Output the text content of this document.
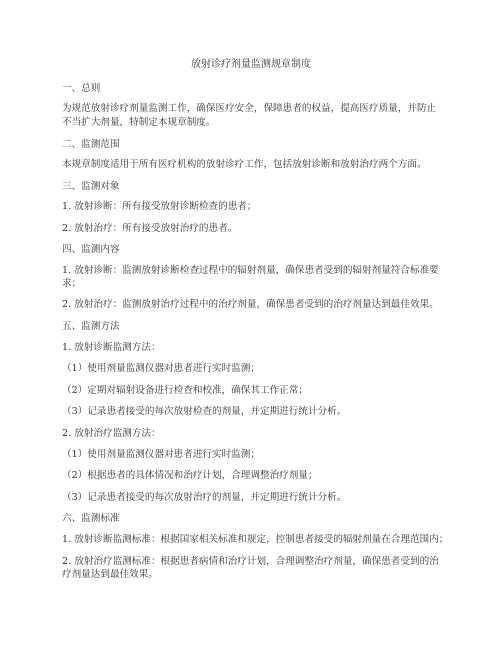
放射诊疗剂量监测规章制度
一、总则
为规范放射诊疗剂量监测工作，确保医疗安全，保障患者的权益，提高医疗质量，并防止
不当扩大剂量，特制定本规章制度。
二、监测范围
本规章制度适用于所有医疗机构的放射诊疗工作，包括放射诊断和放射治疗两个方面。
三、监测对象
1. 放射诊断：所有接受放射诊断检查的患者；
2. 放射治疗：所有接受放射治疗的患者。
四、监测内容
1. 放射诊断：监测放射诊断检查过程中的辐射剂量，确保患者受到的辐射剂量符合标准要
求；
2. 放射治疗：监测放射治疗过程中的治疗剂量，确保患者受到的治疗剂量达到最佳效果。
五、监测方法
1. 放射诊断监测方法：
（1）使用剂量监测仪器对患者进行实时监测；
（2）定期对辐射设备进行检查和校准，确保其工作正常；
（3）记录患者接受的每次放射检查的剂量，并定期进行统计分析。
2. 放射治疗监测方法：
（1）使用剂量监测仪器对患者进行实时监测；
（2）根据患者的具体情况和治疗计划，合理调整治疗剂量；
（3）记录患者接受的每次放射治疗的剂量，并定期进行统计分析。
六、监测标准
1. 放射诊断监测标准：根据国家相关标准和规定，控制患者接受的辐射剂量在合理范围内；
2. 放射治疗监测标准：根据患者病情和治疗计划，合理调整治疗剂量，确保患者受到的治
疗剂量达到最佳效果。
